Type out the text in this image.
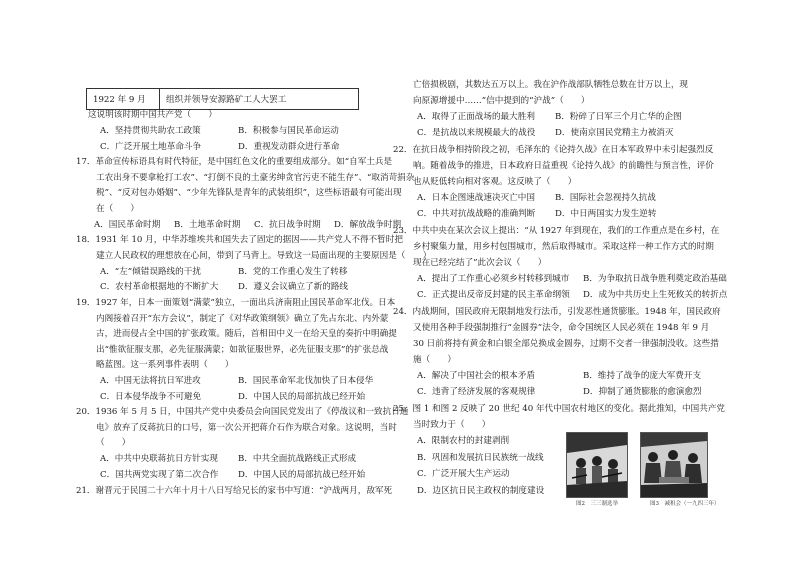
1922 年 9 月	组织并领导安源路矿工人大罢工
这说明该时期中国共产党（　　）
A．坚持贯彻共助农工政策	B．积极参与国民革命运动
C．广泛开展土地革命斗争	D．重视发动群众进行革命
17．革命宣传标语具有时代特征，是中国红色文化的重要组成部分。如“自军土兵是
工农出身不要拿枪打工农”、“打倒不良的土豪劣绅贪官污吏不能生存”、“取消苛捐杂
税”、“反对包办婚姻”、“少年先锋队是青年的武装组织”，这些标语最有可能出现
在（　　）
A．国民革命时期 B．土地革命时期 C．抗日战争时期 D．解放战争时期
18．1931 年 10 月，中华苏维埃共和国失去了固定的据因——共产党人不得不暂时把
建立人民政权的理想放在心间，带到了马背上。导致这一局面出现的主要原因是（　　）
A．“左”倾错误路线的干扰	B．党的工作重心发生了转移
C．农村革命根据地的不断扩大 D．遵义会议确立了新的路线
19．1927 年，日本一面策划“满蒙”独立，一面出兵济南阻止国民革命军北伐。日本
内阁接着召开“东方会议”，制定了《对华政策纲领》确立了先占东北、内外蒙
古，进而侵占全中国的扩张政策。随后，首相田中义一在给天皇的奏折中明确提
出“惟欲征服支那，必先征服满蒙；如欲征服世界，必先征服支那”的扩张总战
略蓝图。这一系列事件表明（　　）
A．中国无法将抗日军进攻	B．国民革命军北伐加快了日本侵华
C．日本侵华战争不可避免	D．中国人民的局部抗战已经开始
20．1936 年 5 月 5 日，中国共产党中央委员会向国民党发出了《停战议和一致抗日通
电》放弃了反蒋抗日的口号，第一次公开把蒋介石作为联合对象。这说明，当时
（　　）
A．中共中央联蒋抗日方针实现 B．中共全面抗战路线正式形成
C．国共两党实现了第二次合作 D．中国人民的局部抗战已经开始
21．谢晋元于民国二十六年十月十八日写给兄长的家书中写道：“沪战两月，敌军死
亡倍损极剧，其数达五万以上。我在沪作战部队牺牲总数在廿万以上，现
向原源增援中……”信中提到的“沪战”（　　）
A．取得了正面战场的最大胜利 B．粉碎了日军三个月亡华的企图
C．是抗战以来规模最大的战役 D．使南京国民党精主力被消灭
22．在抗日战争相持阶段之初，毛泽东的《论持久战》在日本军政界中未引起强烈反
响。随着战争的推进，日本政府日益重视《论持久战》的前瞻性与预言性，评价
也从贬低转向相对客观。这反映了（　　）
A．日本企图速战速决灭亡中国 B．国际社会忽视持久抗战
C．中共对抗战战略的准确判断 D．中日两国实力发生逆转
23．中共中央在某次会议上提出：“从 1927 年到现在，我们的工作重点是在乡村，在
乡村聚集力量，用乡村包围城市，然后取得城市。采取这样一种工作方式的时期
现在已经完结了”此次会议（　　）
A．提出了工作重心必须乡村转移到城市 B．为争取抗日战争胜利奠定政治基础
C．正式提出反帝反封建的民主革命纲领 D．成为中共历史上生死攸关的转折点
24．内战期间，国民政府无限制地发行法币，引发恶性通货膨胀。1948 年，国民政府
又使用各种手段强制推行“金圆券”法令，命令国统区人民必须在 1948 年 9 月
30 日前将持有黄金和白银全部兑换成金圆券，过期不交者一律强制没收。这些措
施（　　）
A．解决了中国社会的根本矛盾	B．维持了战争的庞大军费开支
C．违背了经济发展的客观规律	D．抑制了通货膨胀的愈演愈烈
25．图 1 和图 2 反映了 20 世纪 40 年代中国农村地区的变化。据此推知，中国共产党
当时致力于（　　）
A．限制农村的封建剥削
B．巩固和发展抗日民族统一战线
C．广泛开展大生产运动
D．边区抗日民主政权的制度建设
图2　三三制选举	图3　减租会（一九四三年）
